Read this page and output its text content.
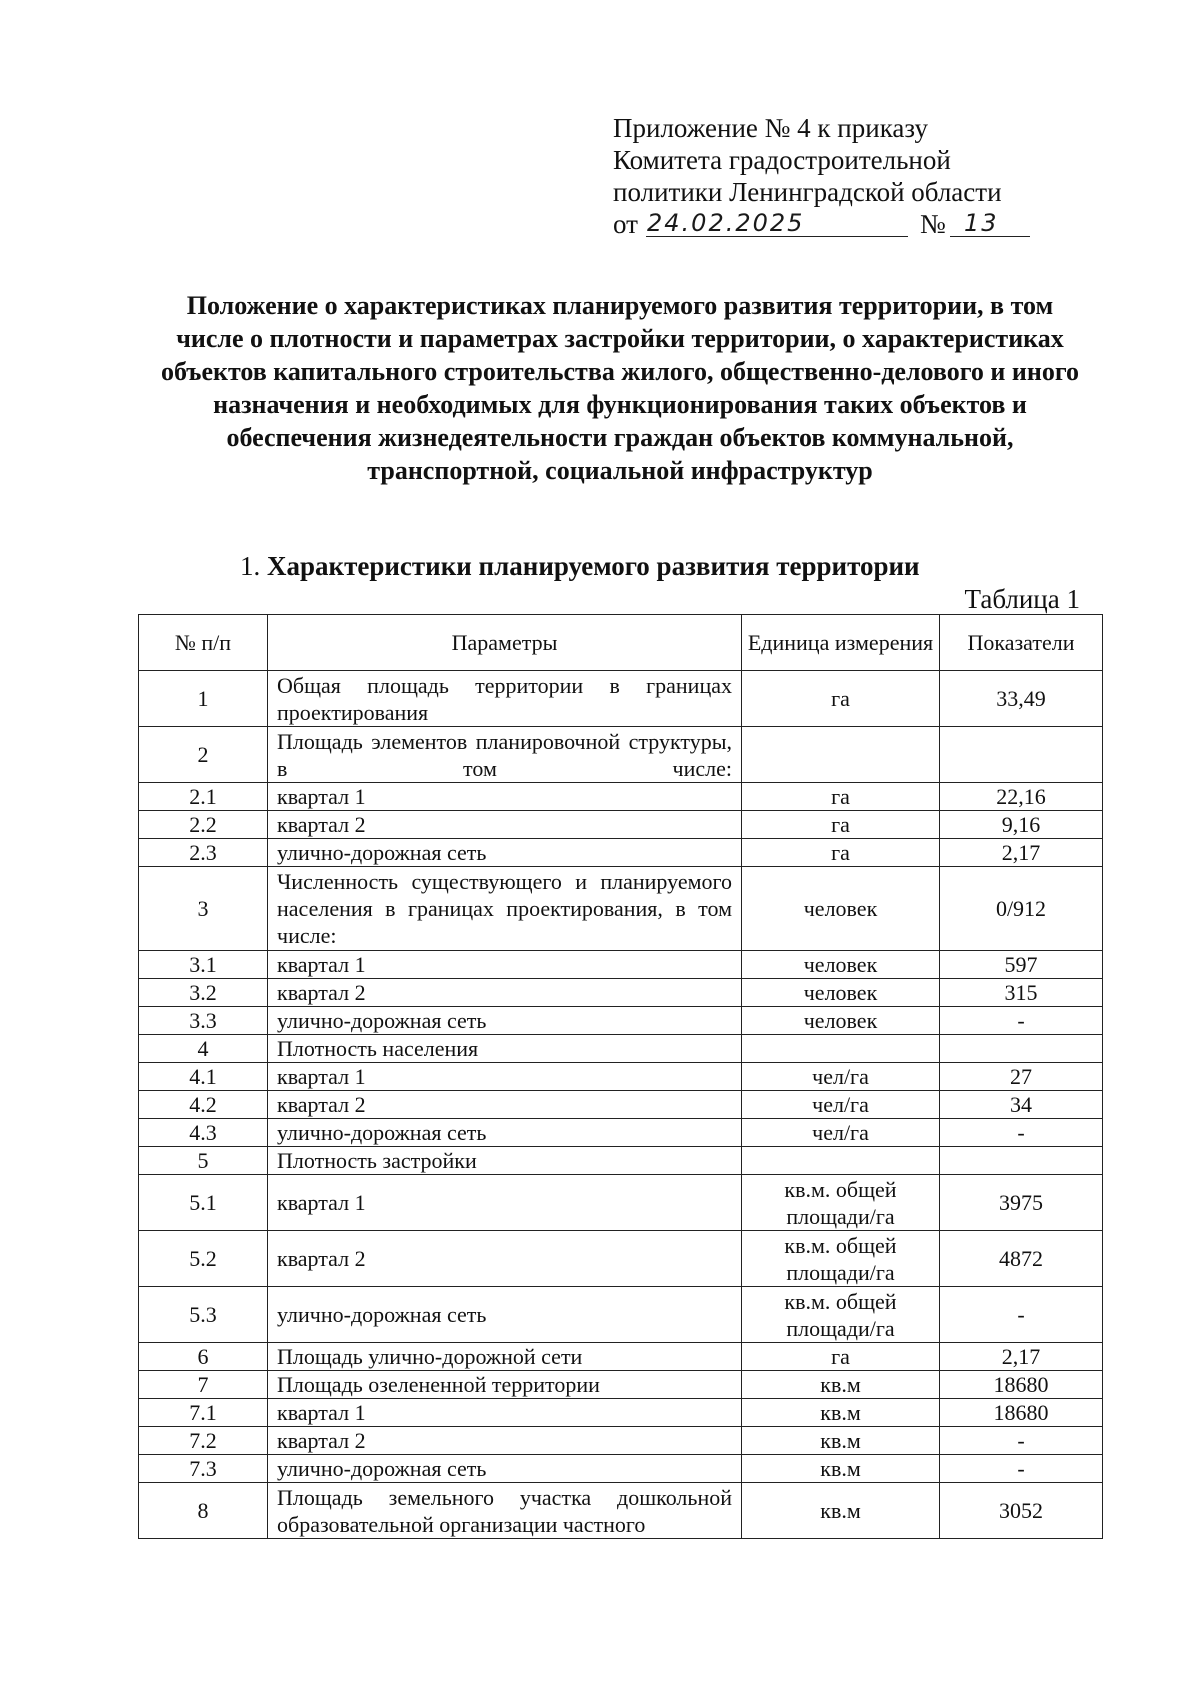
Приложение № 4 к приказу
Комитета градостроительной
политики Ленинградской области
от 24.02.2025	№ 13
Положение о характеристиках планируемого развития территории, в том числе о плотности и параметрах застройки территории, о характеристиках объектов капитального строительства жилого, общественно-делового и иного назначения и необходимых для функционирования таких объектов и обеспечения жизнедеятельности граждан объектов коммунальной, транспортной, социальной инфраструктур
1. Характеристики планируемого развития территории
Таблица 1
№ п/п	Параметры	Единица измерения	Показатели
1	Общая площадь территории в границах проектирования	га	33,49
2	Площадь элементов планировочной структуры, в том числе:		
2.1	квартал 1	га	22,16
2.2	квартал 2	га	9,16
2.3	улично-дорожная сеть	га	2,17
3	Численность существующего и планируемого населения в границах проектирования, в том числе:	человек	0/912
3.1	квартал 1	человек	597
3.2	квартал 2	человек	315
3.3	улично-дорожная сеть	человек	-
4	Плотность населения		
4.1	квартал 1	чел/га	27
4.2	квартал 2	чел/га	34
4.3	улично-дорожная сеть	чел/га	-
5	Плотность застройки		
5.1	квартал 1	кв.м. общей площади/га	3975
5.2	квартал 2	кв.м. общей площади/га	4872
5.3	улично-дорожная сеть	кв.м. общей площади/га	-
6	Площадь улично-дорожной сети	га	2,17
7	Площадь озелененной территории	кв.м	18680
7.1	квартал 1	кв.м	18680
7.2	квартал 2	кв.м	-
7.3	улично-дорожная сеть	кв.м	-
8	Площадь земельного участка дошкольной образовательной организации частного	кв.м	3052
